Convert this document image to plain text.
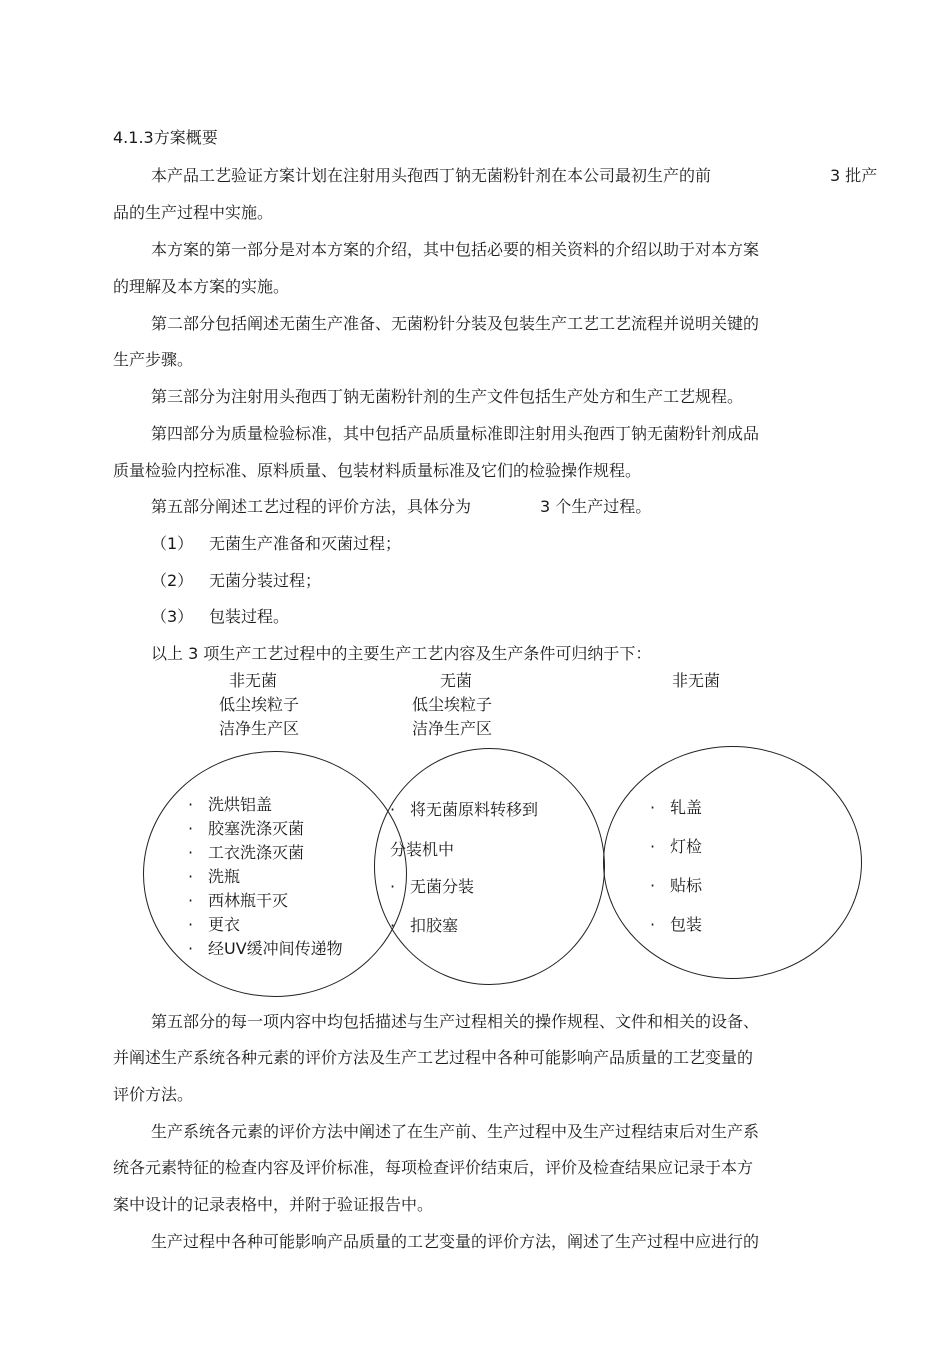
4.1.3方案概要
本产品工艺验证方案计划在注射用头孢西丁钠无菌粉针剂在本公司最初生产的前	3 批产
品的生产过程中实施。
本方案的第一部分是对本方案的介绍，其中包括必要的相关资料的介绍以助于对本方案
的理解及本方案的实施。
第二部分包括阐述无菌生产准备、无菌粉针分装及包装生产工艺工艺流程并说明关键的
生产步骤。
第三部分为注射用头孢西丁钠无菌粉针剂的生产文件包括生产处方和生产工艺规程。
第四部分为质量检验标准，其中包括产品质量标准即注射用头孢西丁钠无菌粉针剂成品
质量检验内控标准、原料质量、包装材料质量标准及它们的检验操作规程。
第五部分阐述工艺过程的评价方法，具体分为	3 个生产过程。
（1） 无菌生产准备和灭菌过程；
（2） 无菌分装过程；
（3） 包装过程。
以上 3 项生产工艺过程中的主要生产工艺内容及生产条件可归纳于下：
非无菌
低尘埃粒子
洁净生产区
无菌
低尘埃粒子
洁净生产区
非无菌
· 洗烘铝盖
· 胶塞洗涤灭菌
· 工衣洗涤灭菌
· 洗瓶
· 西林瓶干灭
· 更衣
· 经UV缓冲间传递物
· 将无菌原料转移到
分装机中
· 无菌分装
· 扣胶塞
· 轧盖
· 灯检
· 贴标
· 包装
第五部分的每一项内容中均包括描述与生产过程相关的操作规程、文件和相关的设备、
并阐述生产系统各种元素的评价方法及生产工艺过程中各种可能影响产品质量的工艺变量的
评价方法。
生产系统各元素的评价方法中阐述了在生产前、生产过程中及生产过程结束后对生产系
统各元素特征的检查内容及评价标准，每项检查评价结束后，评价及检查结果应记录于本方
案中设计的记录表格中，并附于验证报告中。
生产过程中各种可能影响产品质量的工艺变量的评价方法，阐述了生产过程中应进行的
